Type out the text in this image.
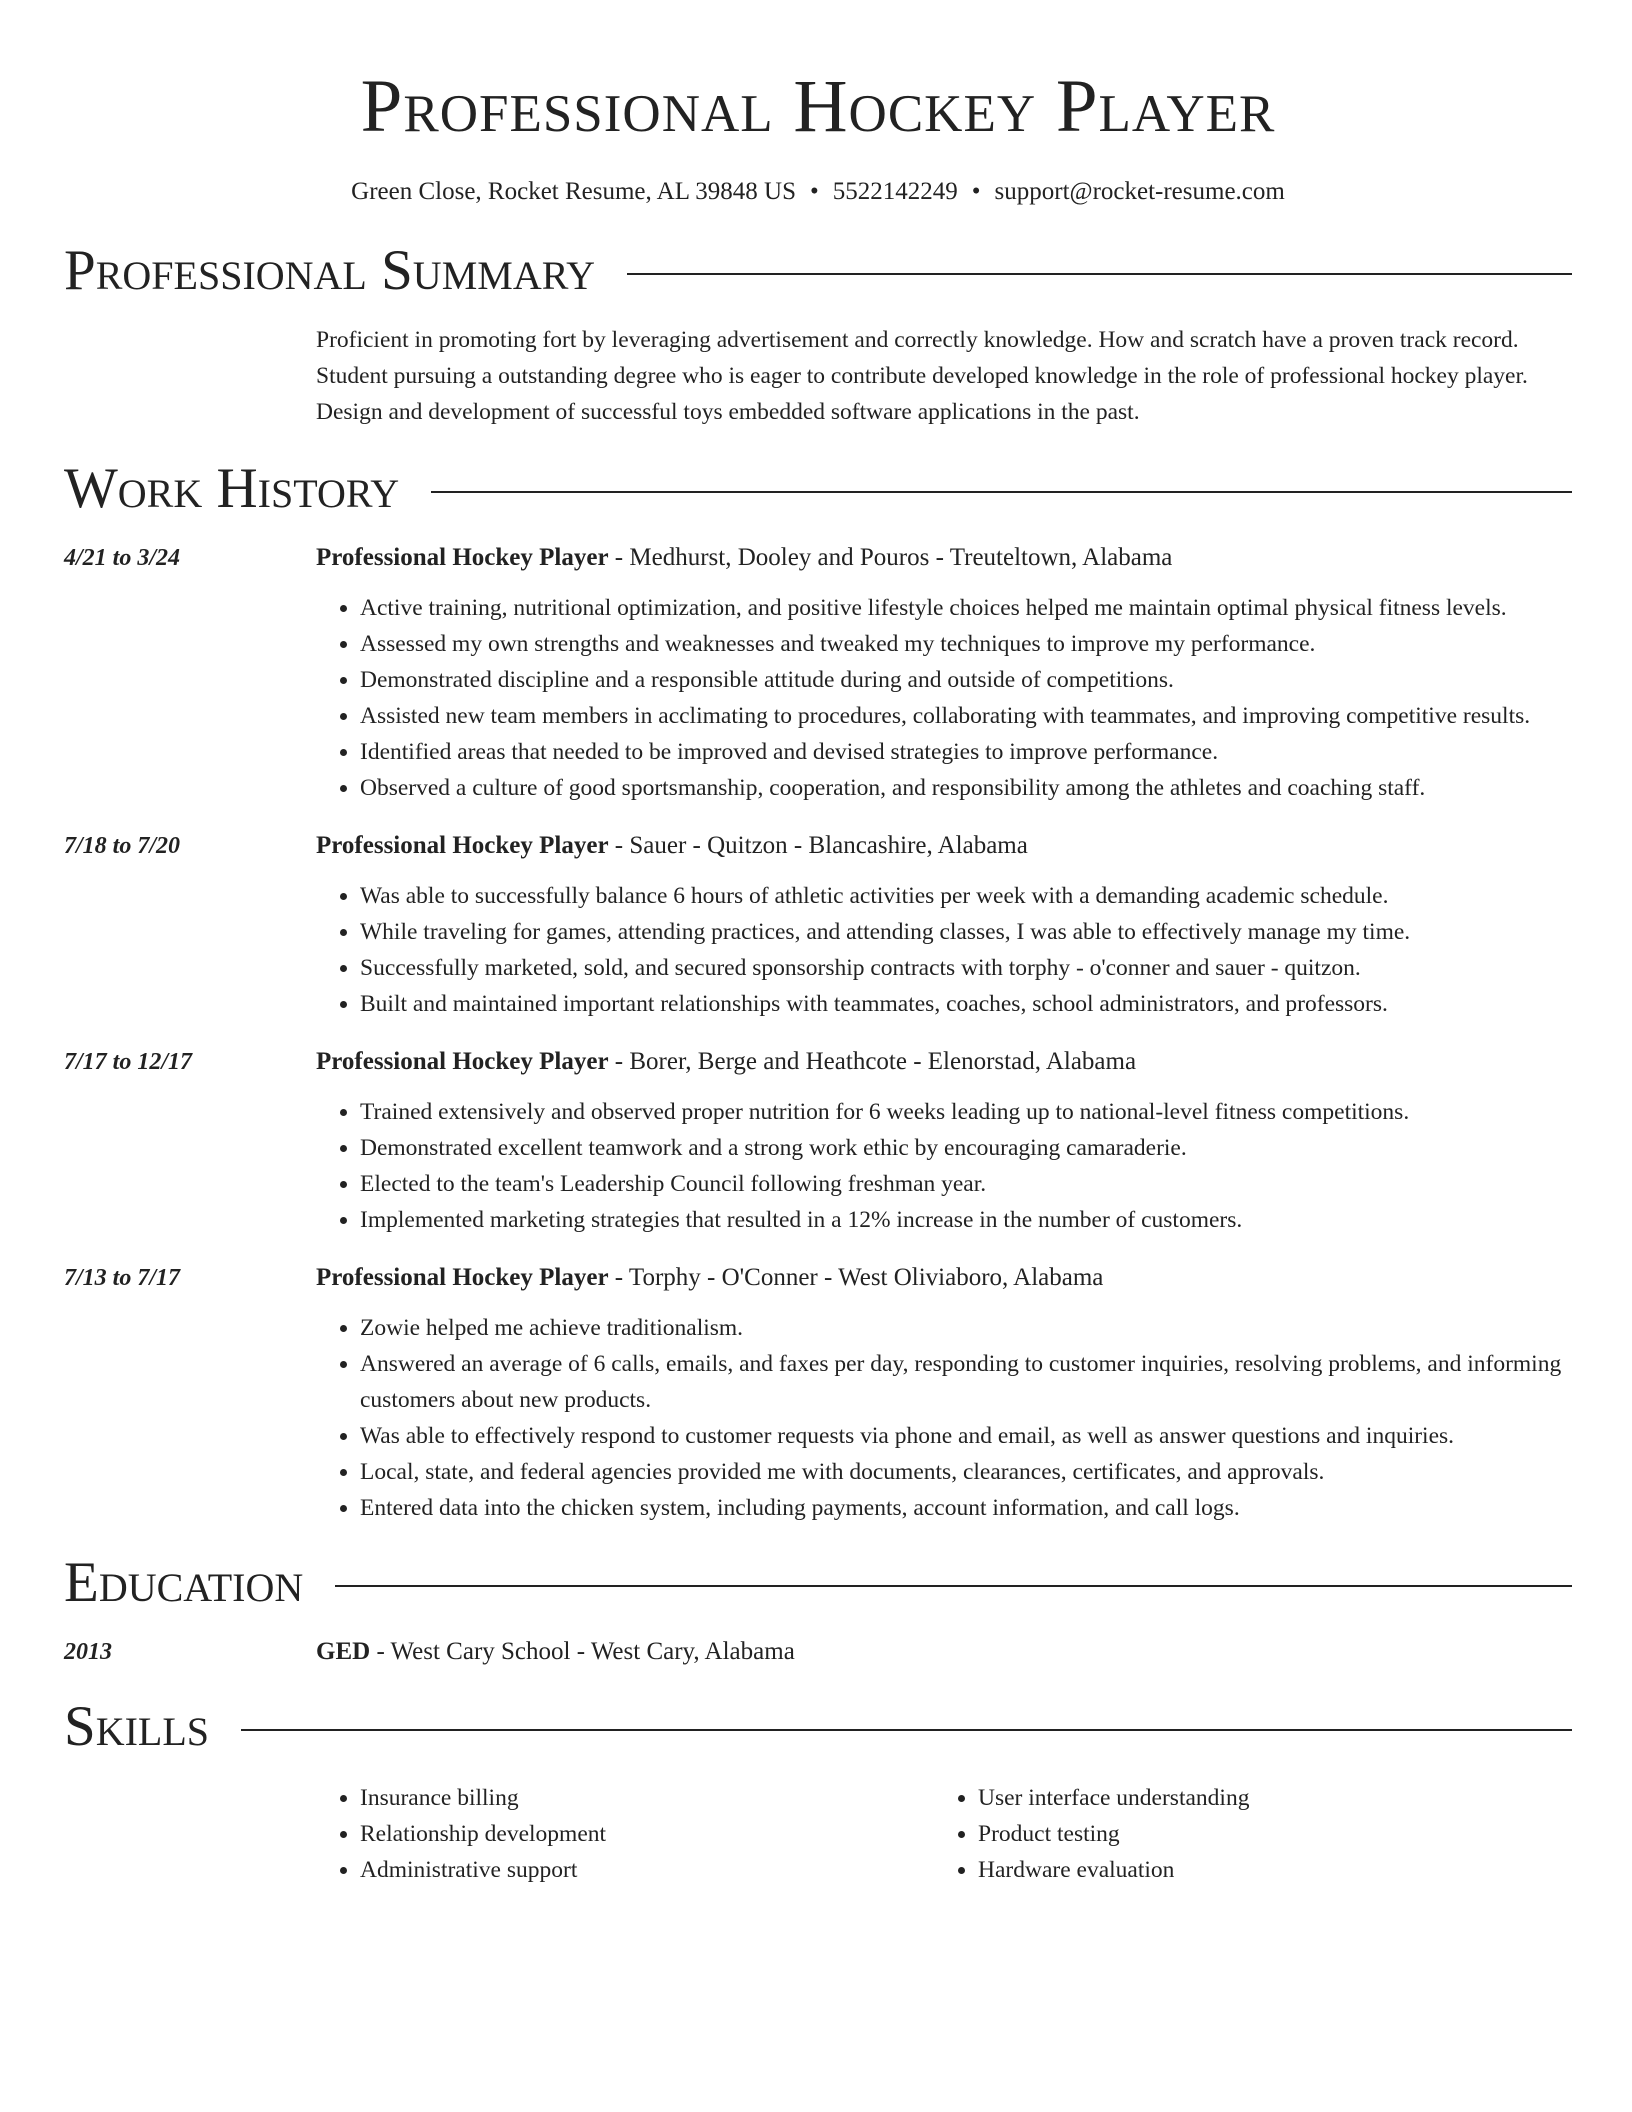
Professional Hockey Player
Green Close, Rocket Resume, AL 39848 US • 5522142249 • support@rocket-resume.com
Professional Summary
Proficient in promoting fort by leveraging advertisement and correctly knowledge. How and scratch have a proven track record. Student pursuing a outstanding degree who is eager to contribute developed knowledge in the role of professional hockey player. Design and development of successful toys embedded software applications in the past.
Work History
4/21 to 3/24	Professional Hockey Player - Medhurst, Dooley and Pouros - Treuteltown, Alabama
• Active training, nutritional optimization, and positive lifestyle choices helped me maintain optimal physical fitness levels.
• Assessed my own strengths and weaknesses and tweaked my techniques to improve my performance.
• Demonstrated discipline and a responsible attitude during and outside of competitions.
• Assisted new team members in acclimating to procedures, collaborating with teammates, and improving competitive results.
• Identified areas that needed to be improved and devised strategies to improve performance.
• Observed a culture of good sportsmanship, cooperation, and responsibility among the athletes and coaching staff.
7/18 to 7/20	Professional Hockey Player - Sauer - Quitzon - Blancashire, Alabama
• Was able to successfully balance 6 hours of athletic activities per week with a demanding academic schedule.
• While traveling for games, attending practices, and attending classes, I was able to effectively manage my time.
• Successfully marketed, sold, and secured sponsorship contracts with torphy - o'conner and sauer - quitzon.
• Built and maintained important relationships with teammates, coaches, school administrators, and professors.
7/17 to 12/17	Professional Hockey Player - Borer, Berge and Heathcote - Elenorstad, Alabama
• Trained extensively and observed proper nutrition for 6 weeks leading up to national-level fitness competitions.
• Demonstrated excellent teamwork and a strong work ethic by encouraging camaraderie.
• Elected to the team's Leadership Council following freshman year.
• Implemented marketing strategies that resulted in a 12% increase in the number of customers.
7/13 to 7/17	Professional Hockey Player - Torphy - O'Conner - West Oliviaboro, Alabama
• Zowie helped me achieve traditionalism.
• Answered an average of 6 calls, emails, and faxes per day, responding to customer inquiries, resolving problems, and informing customers about new products.
• Was able to effectively respond to customer requests via phone and email, as well as answer questions and inquiries.
• Local, state, and federal agencies provided me with documents, clearances, certificates, and approvals.
• Entered data into the chicken system, including payments, account information, and call logs.
Education
2013	GED - West Cary School - West Cary, Alabama
Skills
• Insurance billing
• Relationship development
• Administrative support
• User interface understanding
• Product testing
• Hardware evaluation
